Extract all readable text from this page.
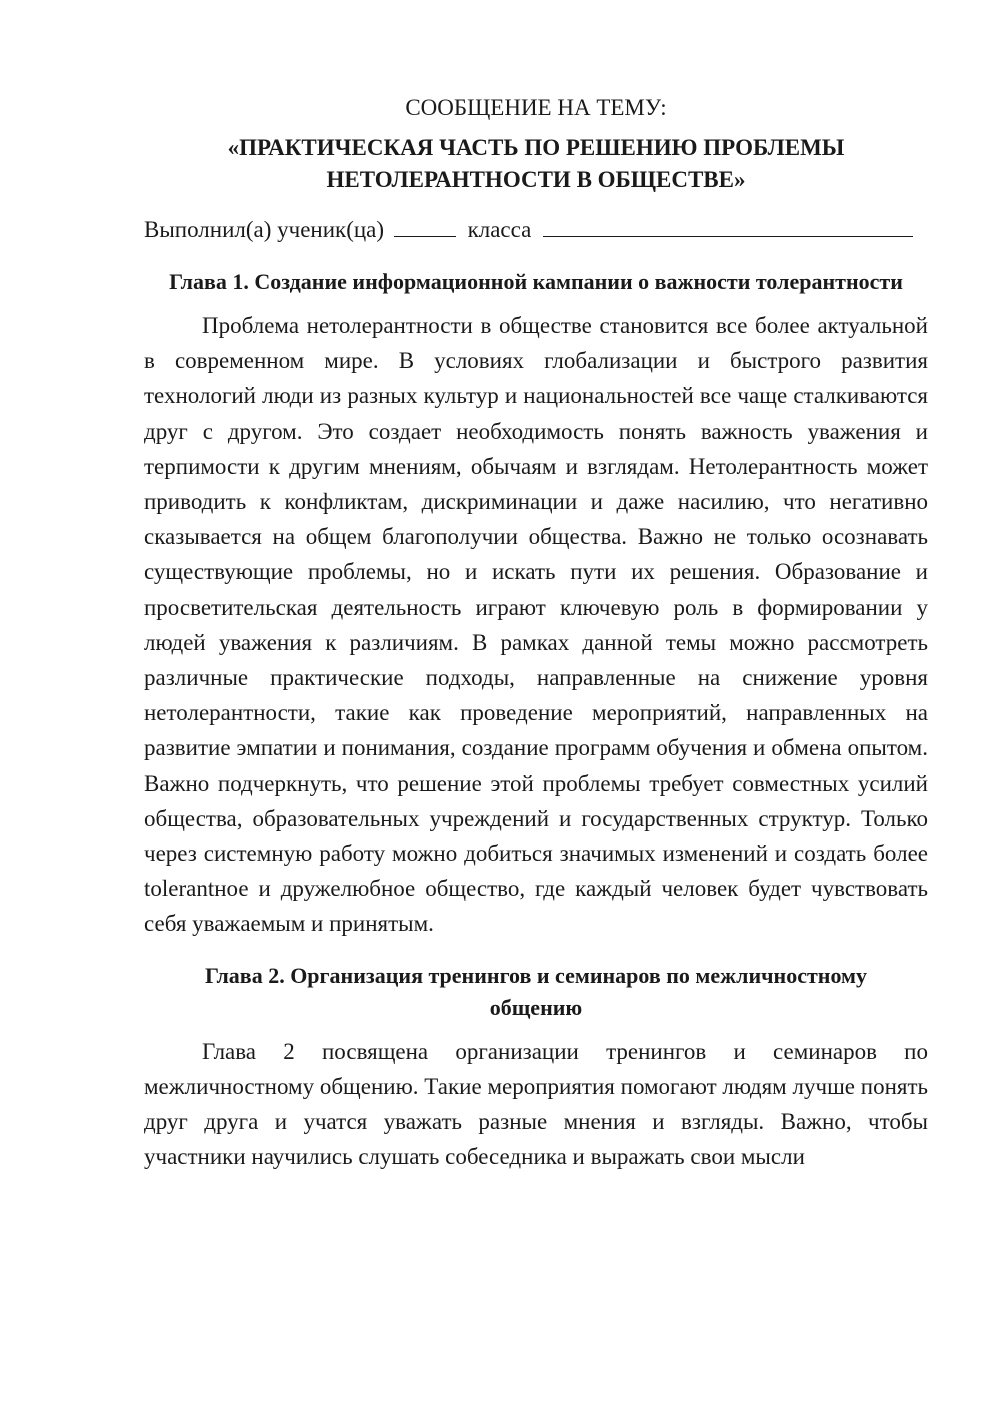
СООБЩЕНИЕ НА ТЕМУ:

«ПРАКТИЧЕСКАЯ ЧАСТЬ ПО РЕШЕНИЮ ПРОБЛЕМЫ
НЕТОЛЕРАНТНОСТИ В ОБЩЕСТВЕ»
Выполнил(а) ученик(ца)	класса
Глава 1. Создание информационной кампании о важности толерантности

Проблема нетолерантности в обществе становится все более актуальной в современном мире. В условиях глобализации и быстрого развития технологий люди из разных культур и национальностей все чаще сталкиваются друг с другом. Это создает необходимость понять важность уважения и терпимости к другим мнениям, обычаям и взглядам. Нетолерантность может приводить к конфликтам, дискриминации и даже насилию, что негативно сказывается на общем благополучии общества. Важно не только осознавать существующие проблемы, но и искать пути их решения. Образование и просветительская деятельность играют ключевую роль в формировании у людей уважения к различиям. В рамках данной темы можно рассмотреть различные практические подходы, направленные на снижение уровня нетолерантности, такие как проведение мероприятий, направленных на развитие эмпатии и понимания, создание программ обучения и обмена опытом. Важно подчеркнуть, что решение этой проблемы требует совместных усилий общества, образовательных учреждений и государственных структур. Только через системную работу можно добиться значимых изменений и создать более tolerantное и дружелюбное общество, где каждый человек будет чувствовать себя уважаемым и принятым.

Глава 2. Организация тренингов и семинаров по межличностному общению

Глава 2 посвящена организации тренингов и семинаров по межличностному общению. Такие мероприятия помогают людям лучше понять друг друга и учатся уважать разные мнения и взгляды. Важно, чтобы участники научились слушать собеседника и выражать свои мысли
